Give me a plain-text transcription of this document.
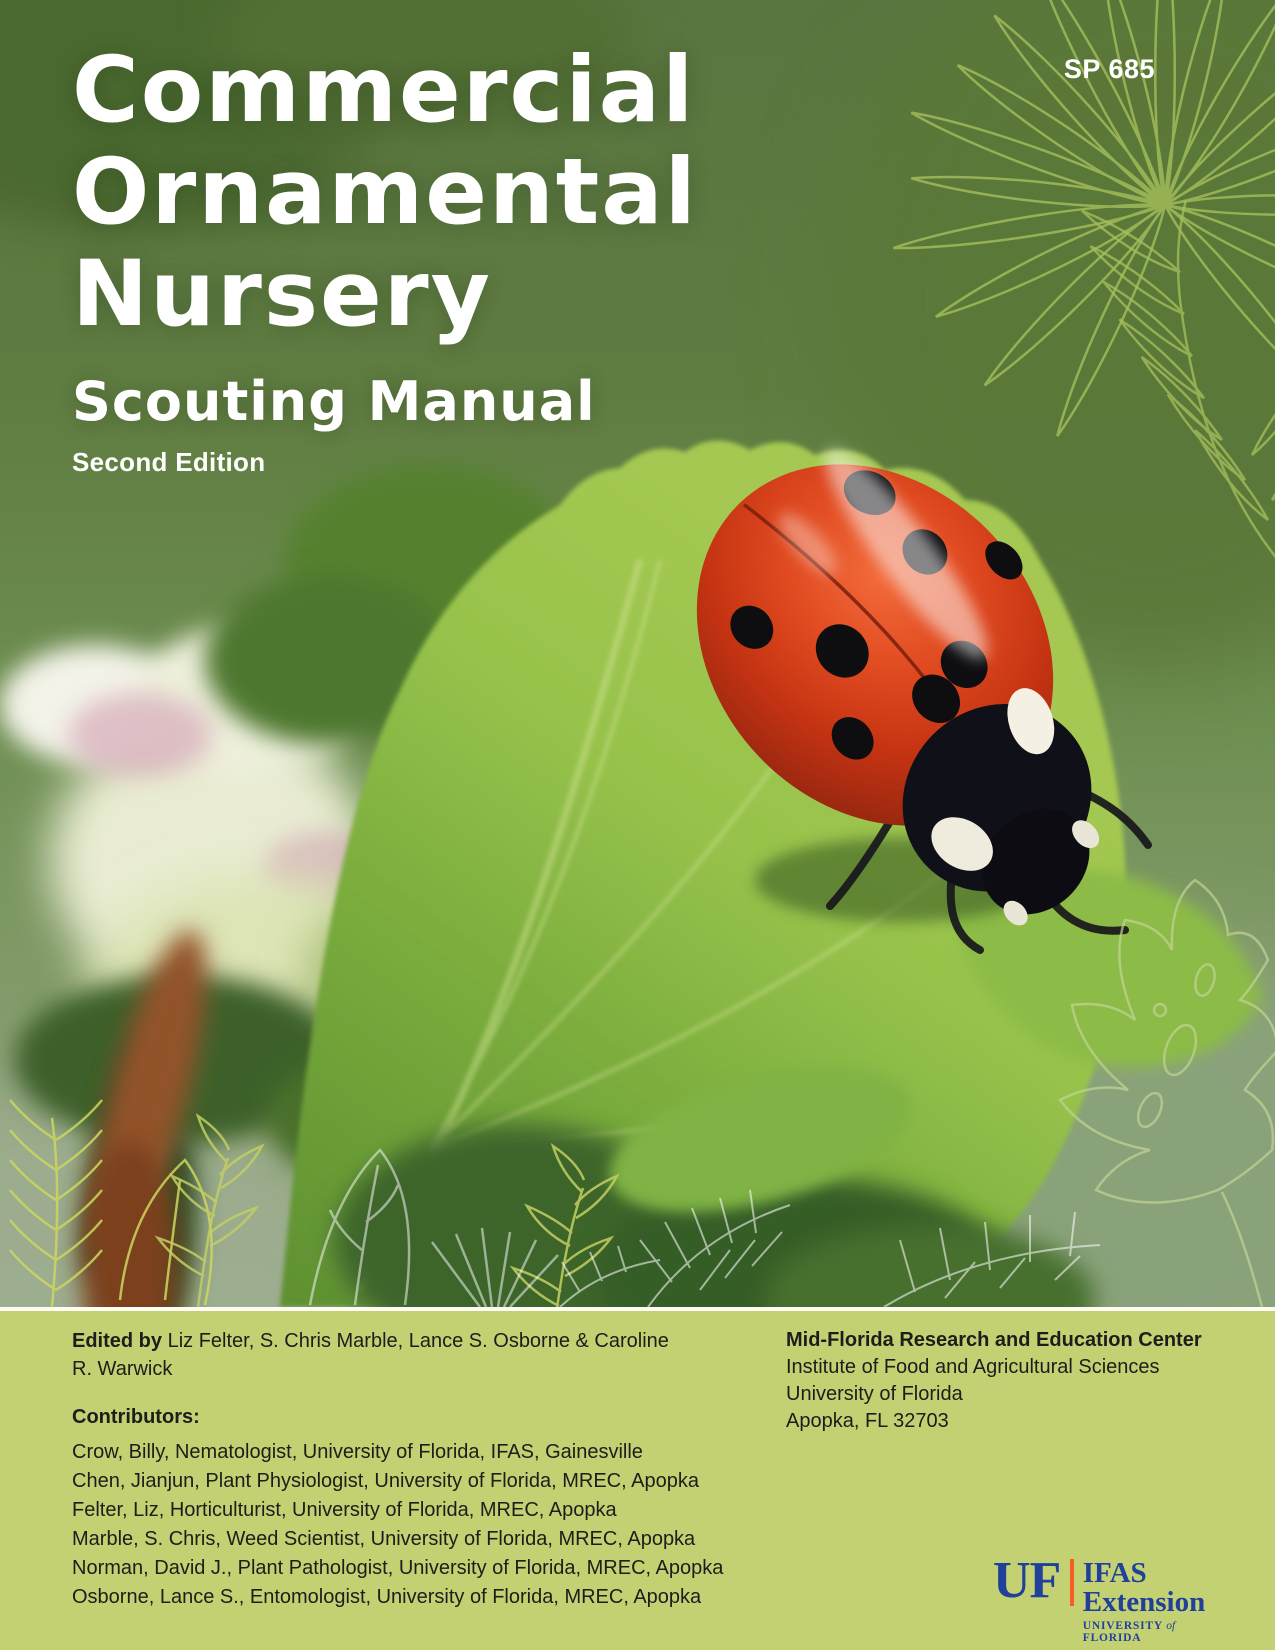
SP 685
Commercial
Ornamental
Nursery
Scouting Manual
Second Edition

Edited by Liz Felter, S. Chris Marble, Lance S. Osborne & Caroline R. Warwick

Contributors:

Crow, Billy, Nematologist, University of Florida, IFAS, Gainesville

Chen, Jianjun, Plant Physiologist, University of Florida, MREC, Apopka

Felter, Liz, Horticulturist, University of Florida, MREC, Apopka

Marble, S. Chris, Weed Scientist, University of Florida, MREC, Apopka

Norman, David J., Plant Pathologist, University of Florida, MREC, Apopka

Osborne, Lance S., Entomologist, University of Florida, MREC, Apopka

Mid-Florida Research and Education Center

Institute of Food and Agricultural Sciences

University of Florida

Apopka, FL 32703

UF IFAS Extension
UNIVERSITY of FLORIDA
